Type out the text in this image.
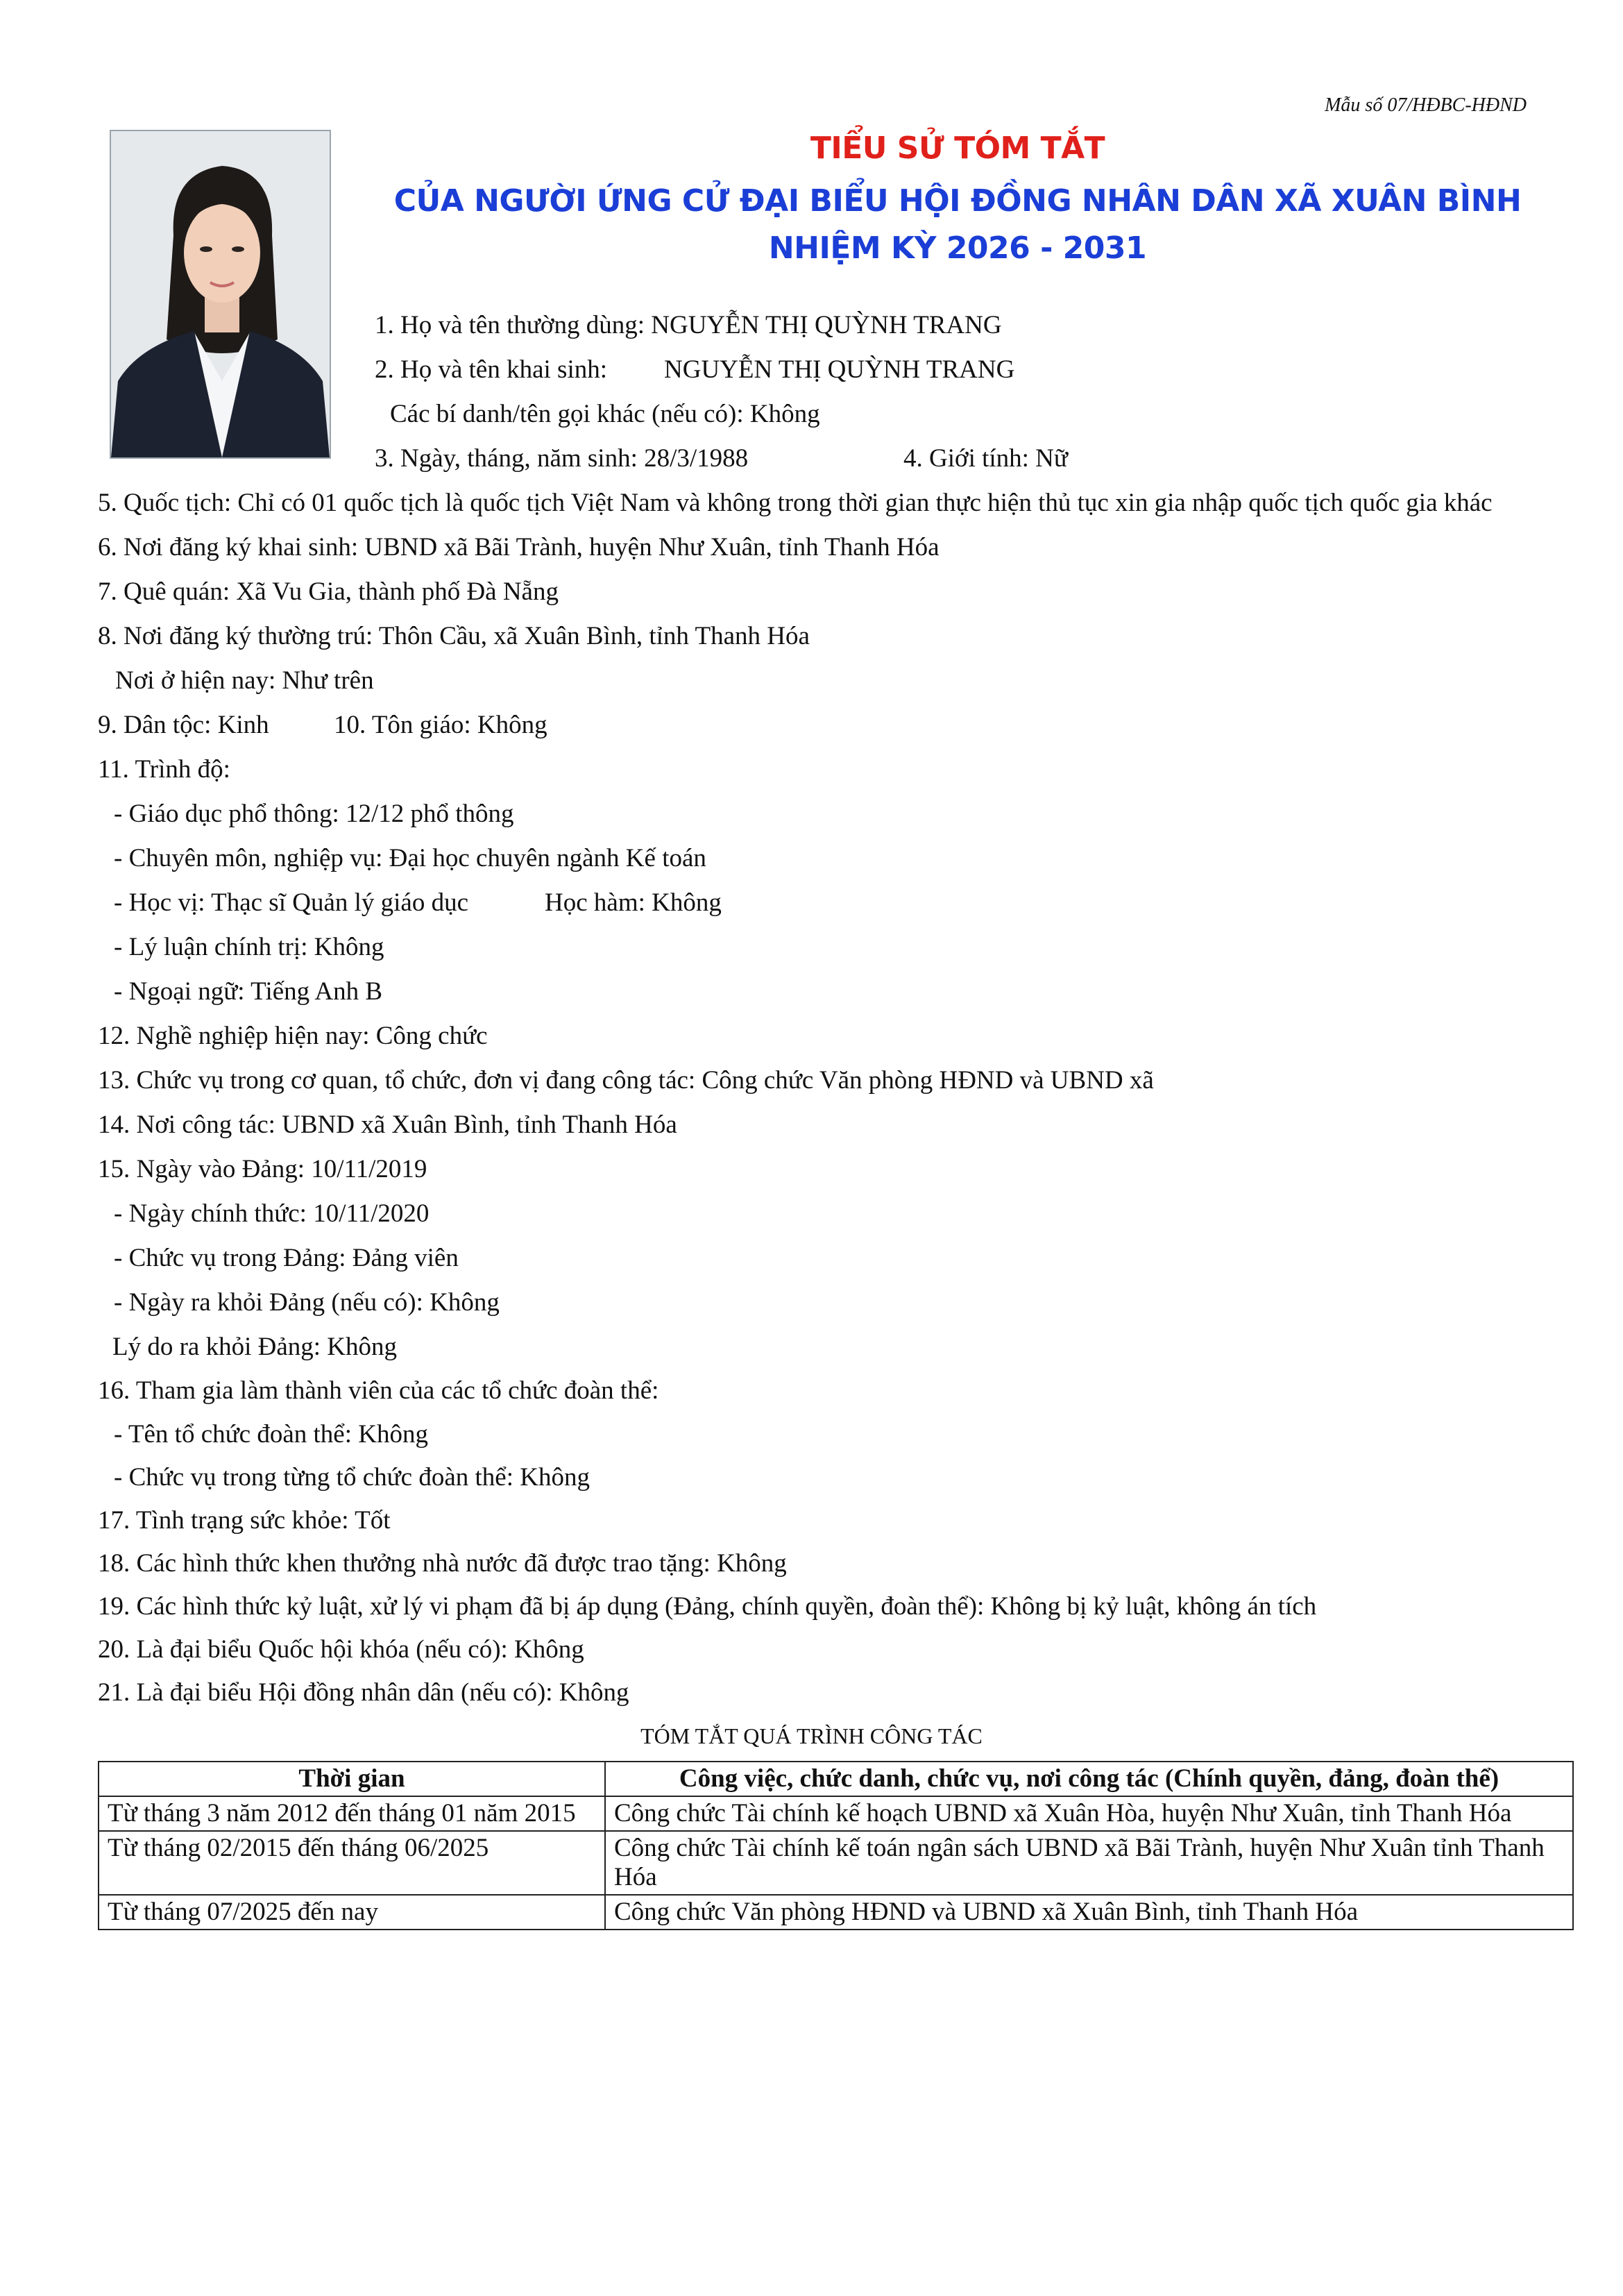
Mẫu số 07/HĐBC-HĐND
TIỂU SỬ TÓM TẮT
CỦA NGƯỜI ỨNG CỬ ĐẠI BIỂU HỘI ĐỒNG NHÂN DÂN XÃ XUÂN BÌNH
NHIỆM KỲ 2026 - 2031
1. Họ và tên thường dùng: NGUYỄN THỊ QUỲNH TRANG
2. Họ và tên khai sinh: NGUYỄN THỊ QUỲNH TRANG
Các bí danh/tên gọi khác (nếu có): Không
3. Ngày, tháng, năm sinh: 28/3/1988	4. Giới tính: Nữ
5. Quốc tịch: Chỉ có 01 quốc tịch là quốc tịch Việt Nam và không trong thời gian thực hiện thủ tục xin gia nhập quốc tịch quốc gia khác
6. Nơi đăng ký khai sinh: UBND xã Bãi Trành, huyện Như Xuân, tỉnh Thanh Hóa
7. Quê quán: Xã Vu Gia, thành phố Đà Nẵng
8. Nơi đăng ký thường trú: Thôn Cầu, xã Xuân Bình, tỉnh Thanh Hóa
Nơi ở hiện nay: Như trên
9. Dân tộc: Kinh	10. Tôn giáo: Không
11. Trình độ:
- Giáo dục phổ thông: 12/12 phổ thông
- Chuyên môn, nghiệp vụ: Đại học chuyên ngành Kế toán
- Học vị: Thạc sĩ Quản lý giáo dục	Học hàm: Không
- Lý luận chính trị: Không
- Ngoại ngữ: Tiếng Anh B
12. Nghề nghiệp hiện nay: Công chức
13. Chức vụ trong cơ quan, tổ chức, đơn vị đang công tác: Công chức Văn phòng HĐND và UBND xã
14. Nơi công tác: UBND xã Xuân Bình, tỉnh Thanh Hóa
15. Ngày vào Đảng: 10/11/2019
- Ngày chính thức: 10/11/2020
- Chức vụ trong Đảng: Đảng viên
- Ngày ra khỏi Đảng (nếu có): Không
Lý do ra khỏi Đảng: Không
16. Tham gia làm thành viên của các tổ chức đoàn thể:
- Tên tổ chức đoàn thể: Không
- Chức vụ trong từng tổ chức đoàn thể: Không
17. Tình trạng sức khỏe: Tốt
18. Các hình thức khen thưởng nhà nước đã được trao tặng: Không
19. Các hình thức kỷ luật, xử lý vi phạm đã bị áp dụng (Đảng, chính quyền, đoàn thể): Không bị kỷ luật, không án tích
20. Là đại biểu Quốc hội khóa (nếu có): Không
21. Là đại biểu Hội đồng nhân dân (nếu có): Không
TÓM TẮT QUÁ TRÌNH CÔNG TÁC
Thời gian	Công việc, chức danh, chức vụ, nơi công tác (Chính quyền, đảng, đoàn thể)
Từ tháng 3 năm 2012 đến tháng 01 năm 2015	Công chức Tài chính kế hoạch UBND xã Xuân Hòa, huyện Như Xuân, tỉnh Thanh Hóa
Từ tháng 02/2015 đến tháng 06/2025	Công chức Tài chính kế toán ngân sách UBND xã Bãi Trành, huyện Như Xuân tỉnh Thanh Hóa
Từ tháng 07/2025 đến nay	Công chức Văn phòng HĐND và UBND xã Xuân Bình, tỉnh Thanh Hóa
